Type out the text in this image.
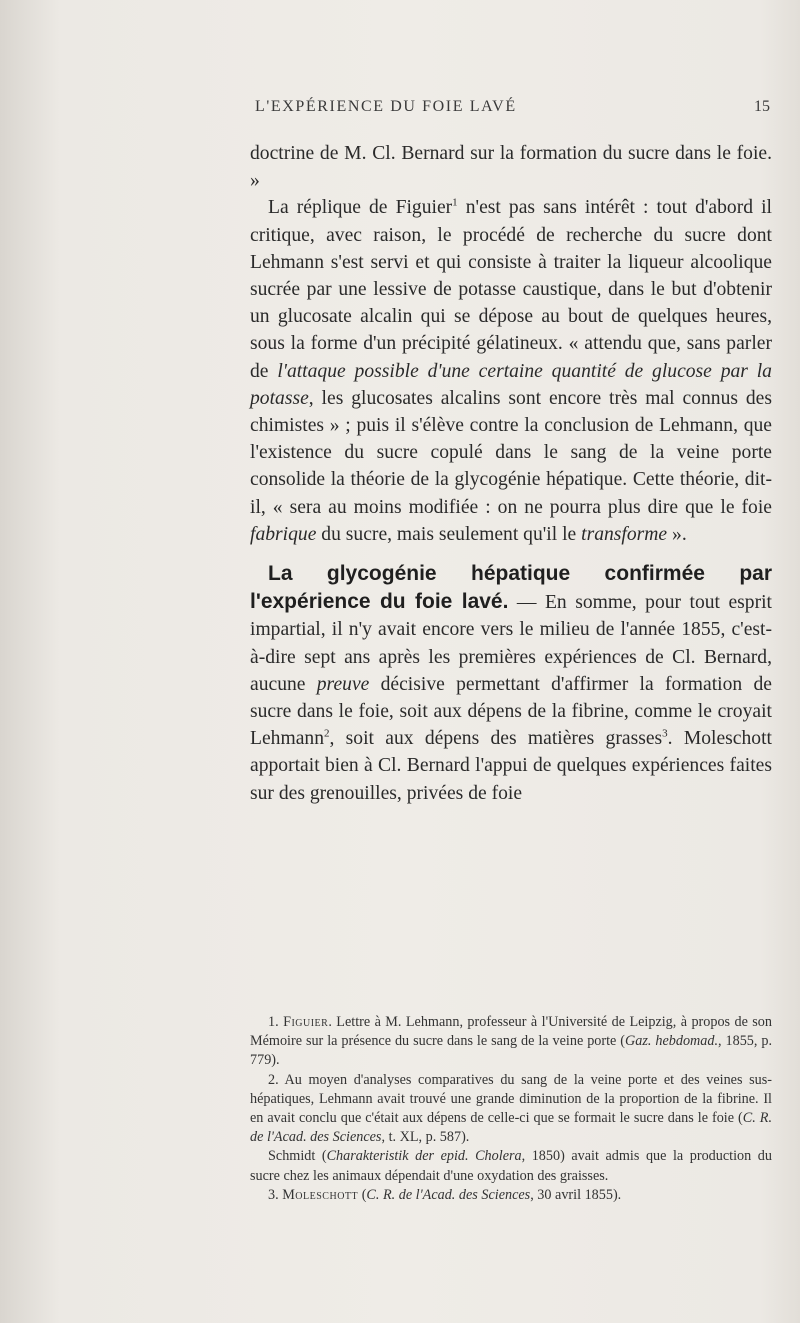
L'EXPÉRIENCE DU FOIE LAVÉ	15

doctrine de M. Cl. Bernard sur la formation du sucre dans le foie. »

La réplique de Figuier$^1$ n'est pas sans intérêt : tout d'abord il critique, avec raison, le procédé de recherche du sucre dont Lehmann s'est servi et qui consiste à traiter la liqueur alcoolique sucrée par une lessive de potasse caustique, dans le but d'obtenir un glucosate alcalin qui se dépose au bout de quelques heures, sous la forme d'un précipité gélatineux. « attendu que, sans parler de l'attaque possible d'une certaine quantité de glucose par la potasse, les glucosates alcalins sont encore très mal connus des chimistes » ; puis il s'élève contre la conclusion de Lehmann, que l'existence du sucre copulé dans le sang de la veine porte consolide la théorie de la glycogénie hépatique. Cette théorie, dit-il, « sera au moins modifiée : on ne pourra plus dire que le foie fabrique du sucre, mais seulement qu'il le transforme ».

La glycogénie hépatique confirmée par l'expérience du foie lavé. — En somme, pour tout esprit impartial, il n'y avait encore vers le milieu de l'année 1855, c'est-à-dire sept ans après les premières expériences de Cl. Bernard, aucune preuve décisive permettant d'affirmer la formation de sucre dans le foie, soit aux dépens de la fibrine, comme le croyait Lehmann$^2$, soit aux dépens des matières grasses$^3$. Moleschott apportait bien à Cl. Bernard l'appui de quelques expériences faites sur des grenouilles, privées de foie

1. Figuier. Lettre à M. Lehmann, professeur à l'Université de Leipzig, à propos de son Mémoire sur la présence du sucre dans le sang de la veine porte (Gaz. hebdomad., 1855, p. 779).

2. Au moyen d'analyses comparatives du sang de la veine porte et des veines sus-hépatiques, Lehmann avait trouvé une grande diminution de la proportion de la fibrine. Il en avait conclu que c'était aux dépens de celle-ci que se formait le sucre dans le foie (C. R. de l'Acad. des Sciences, t. XL, p. 587).

Schmidt (Charakteristik der epid. Cholera, 1850) avait admis que la production du sucre chez les animaux dépendait d'une oxydation des graisses.

3. Moleschott (C. R. de l'Acad. des Sciences, 30 avril 1855).
